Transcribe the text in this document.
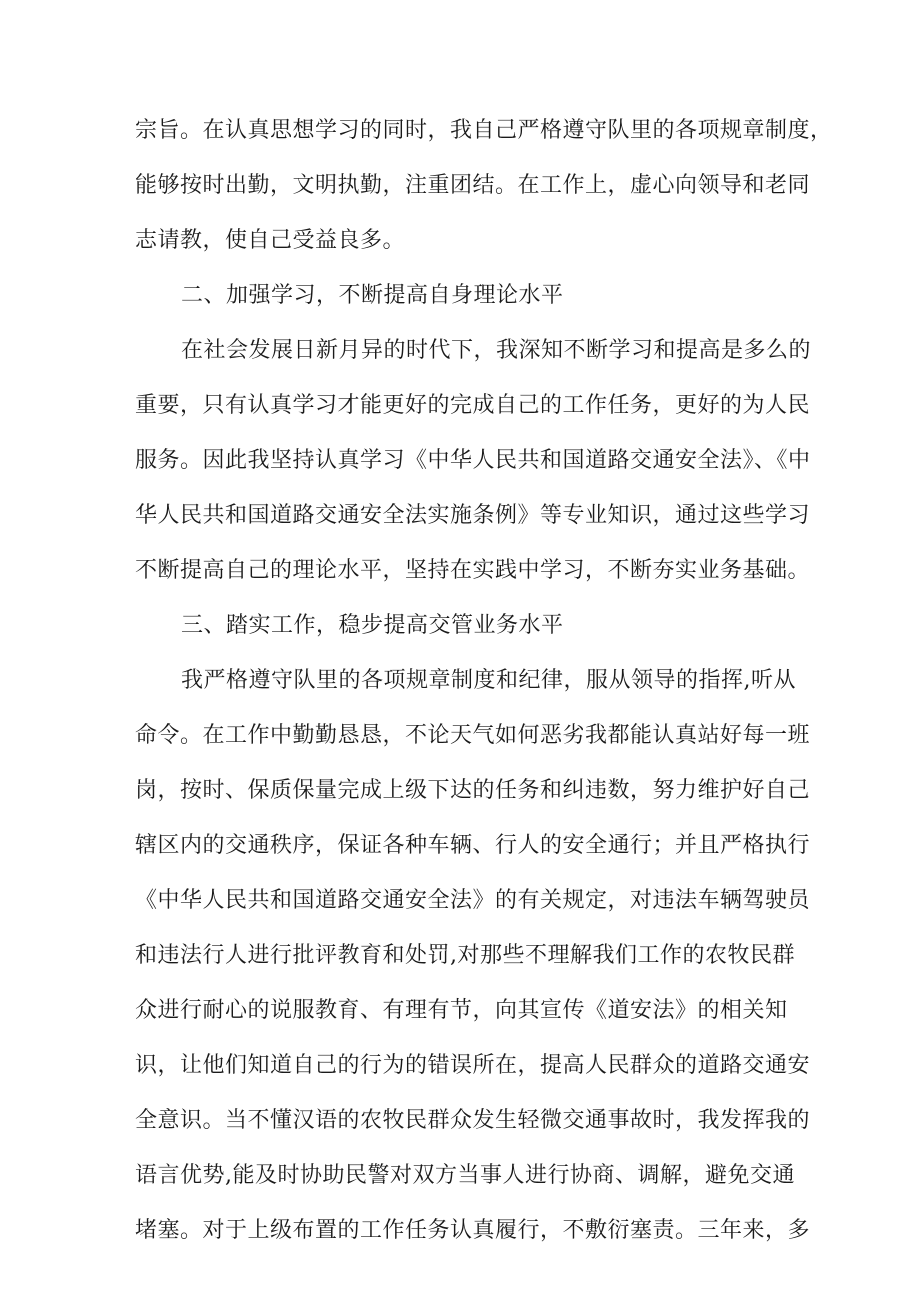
宗旨。在认真思想学习的同时，我自己严格遵守队里的各项规章制度，
能够按时出勤，文明执勤，注重团结。在工作上，虚心向领导和老同
志请教，使自己受益良多。
二、加强学习，不断提高自身理论水平
在社会发展日新月异的时代下，我深知不断学习和提高是多么的
重要，只有认真学习才能更好的完成自己的工作任务，更好的为人民
服务。因此我坚持认真学习《中华人民共和国道路交通安全法》、《中
华人民共和国道路交通安全法实施条例》等专业知识，通过这些学习
不断提高自己的理论水平，坚持在实践中学习，不断夯实业务基础。
三、踏实工作，稳步提高交管业务水平
我严格遵守队里的各项规章制度和纪律，服从领导的指挥,听从
命令。在工作中勤勤恳恳，不论天气如何恶劣我都能认真站好每一班
岗，按时、保质保量完成上级下达的任务和纠违数，努力维护好自己
辖区内的交通秩序，保证各种车辆、行人的安全通行；并且严格执行
《中华人民共和国道路交通安全法》的有关规定，对违法车辆驾驶员
和违法行人进行批评教育和处罚,对那些不理解我们工作的农牧民群
众进行耐心的说服教育、有理有节，向其宣传《道安法》的相关知
识，让他们知道自己的行为的错误所在，提高人民群众的道路交通安
全意识。当不懂汉语的农牧民群众发生轻微交通事故时，我发挥我的
语言优势,能及时协助民警对双方当事人进行协商、调解，避免交通
堵塞。对于上级布置的工作任务认真履行，不敷衍塞责。三年来，多
